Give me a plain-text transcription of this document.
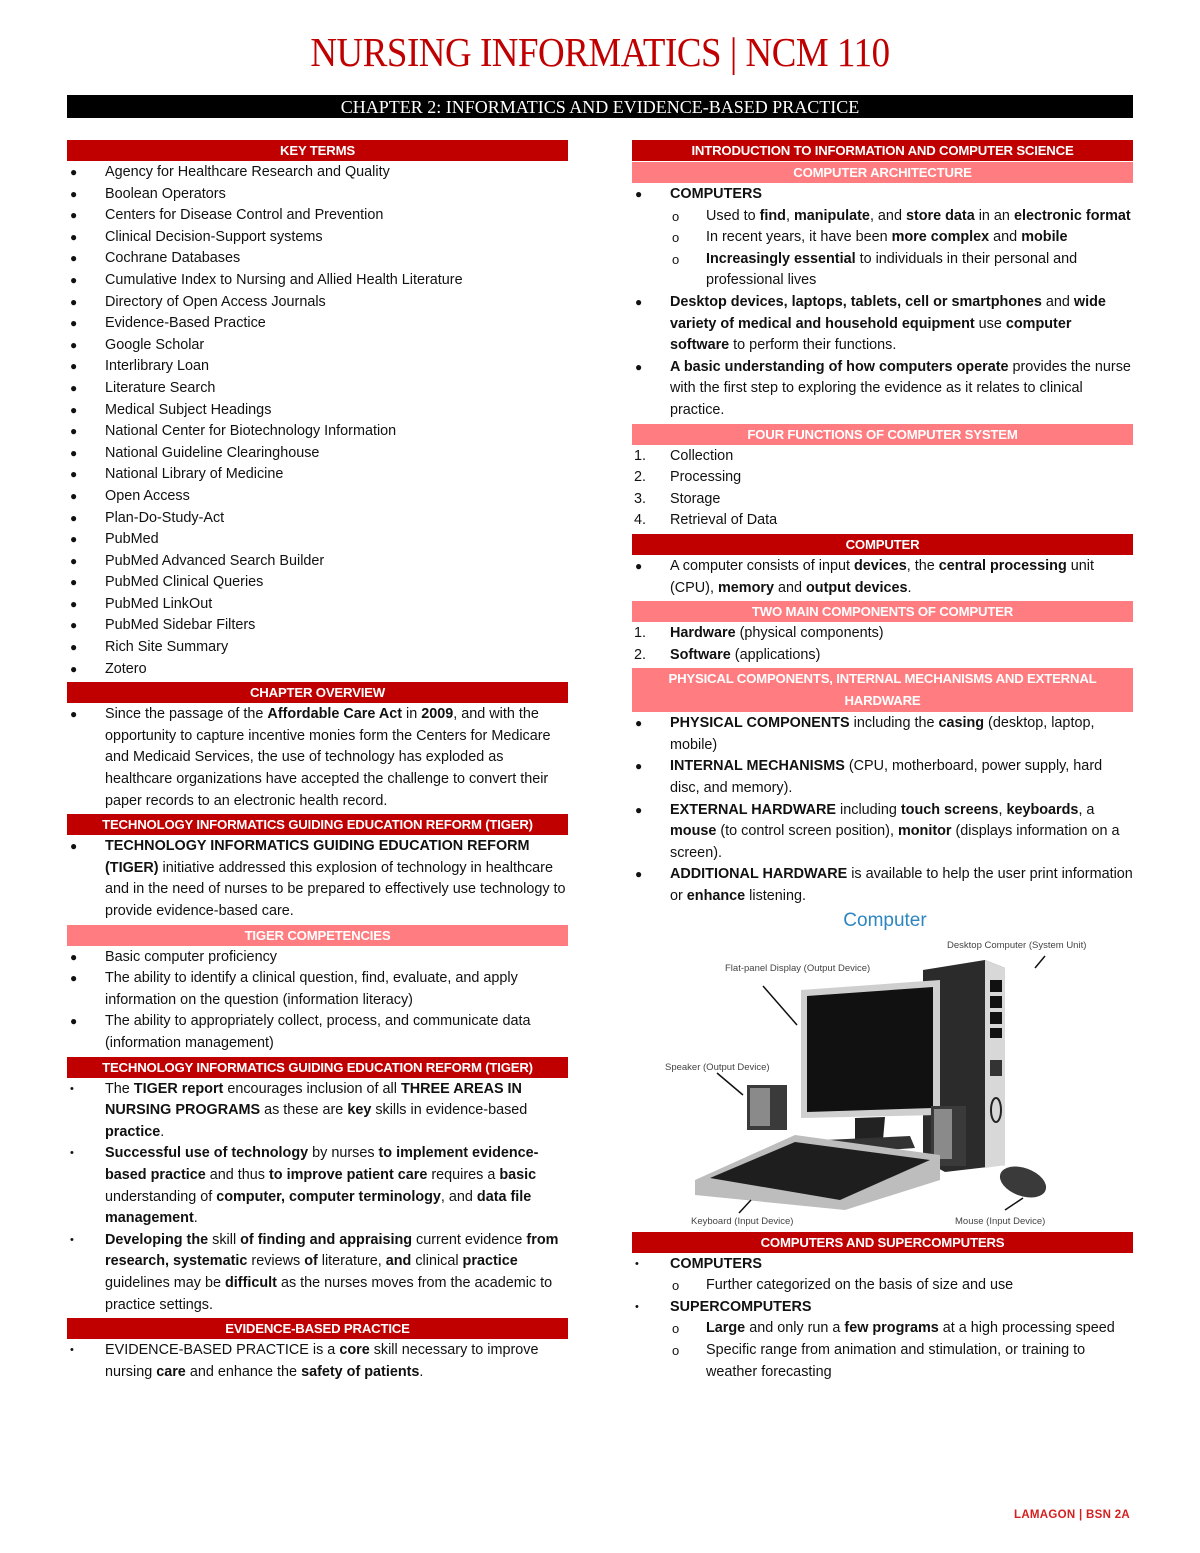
NURSING INFORMATICS | NCM 110
CHAPTER 2: INFORMATICS AND EVIDENCE-BASED PRACTICE
KEY TERMS
●	Agency for Healthcare Research and Quality
●	Boolean Operators
●	Centers for Disease Control and Prevention
●	Clinical Decision-Support systems
●	Cochrane Databases
●	Cumulative Index to Nursing and Allied Health Literature
●	Directory of Open Access Journals
●	Evidence-Based Practice
●	Google Scholar
●	Interlibrary Loan
●	Literature Search
●	Medical Subject Headings
●	National Center for Biotechnology Information
●	National Guideline Clearinghouse
●	National Library of Medicine
●	Open Access
●	Plan-Do-Study-Act
●	PubMed
●	PubMed Advanced Search Builder
●	PubMed Clinical Queries
●	PubMed LinkOut
●	PubMed Sidebar Filters
●	Rich Site Summary
●	Zotero
CHAPTER OVERVIEW
●	Since the passage of the Affordable Care Act in 2009, and with the opportunity to capture incentive monies form the Centers for Medicare and Medicaid Services, the use of technology has exploded as healthcare organizations have accepted the challenge to convert their paper records to an electronic health record.
TECHNOLOGY INFORMATICS GUIDING EDUCATION REFORM (TIGER)
●	TECHNOLOGY INFORMATICS GUIDING EDUCATION REFORM (TIGER) initiative addressed this explosion of technology in healthcare and in the need of nurses to be prepared to effectively use technology to provide evidence-based care.
TIGER COMPETENCIES
●	Basic computer proficiency
●	The ability to identify a clinical question, find, evaluate, and apply information on the question (information literacy)
●	The ability to appropriately collect, process, and communicate data (information management)
TECHNOLOGY INFORMATICS GUIDING EDUCATION REFORM (TIGER)
•	The TIGER report encourages inclusion of all THREE AREAS IN NURSING PROGRAMS as these are key skills in evidence-based practice.
•	Successful use of technology by nurses to implement evidence-based practice and thus to improve patient care requires a basic understanding of computer, computer terminology, and data file management.
•	Developing the skill of finding and appraising current evidence from research, systematic reviews of literature, and clinical practice guidelines may be difficult as the nurses moves from the academic to practice settings.
EVIDENCE-BASED PRACTICE
•	EVIDENCE-BASED PRACTICE is a core skill necessary to improve nursing care and enhance the safety of patients.
INTRODUCTION TO INFORMATION AND COMPUTER SCIENCE
COMPUTER ARCHITECTURE
●	COMPUTERS
o Used to find, manipulate, and store data in an electronic format
o In recent years, it have been more complex and mobile
o Increasingly essential to individuals in their personal and professional lives
●	Desktop devices, laptops, tablets, cell or smartphones and wide variety of medical and household equipment use computer software to perform their functions.
●	A basic understanding of how computers operate provides the nurse with the first step to exploring the evidence as it relates to clinical practice.
FOUR FUNCTIONS OF COMPUTER SYSTEM
1. Collection
2. Processing
3. Storage
4. Retrieval of Data
COMPUTER
●	A computer consists of input devices, the central processing unit (CPU), memory and output devices.
TWO MAIN COMPONENTS OF COMPUTER
1. Hardware (physical components)
2. Software (applications)
PHYSICAL COMPONENTS, INTERNAL MECHANISMS AND EXTERNAL HARDWARE
●	PHYSICAL COMPONENTS including the casing (desktop, laptop, mobile)
●	INTERNAL MECHANISMS (CPU, motherboard, power supply, hard disc, and memory).
●	EXTERNAL HARDWARE including touch screens, keyboards, a mouse (to control screen position), monitor (displays information on a screen).
●	ADDITIONAL HARDWARE is available to help the user print information or enhance listening.
Computer
Desktop Computer (System Unit)
Flat-panel Display (Output Device)
Speaker (Output Device)
Keyboard (Input Device)	Mouse (Input Device)
COMPUTERS AND SUPERCOMPUTERS
•	COMPUTERS
o Further categorized on the basis of size and use
•	SUPERCOMPUTERS
o Large and only run a few programs at a high processing speed
o Specific range from animation and stimulation, or training to weather forecasting
LAMAGON | BSN 2A
